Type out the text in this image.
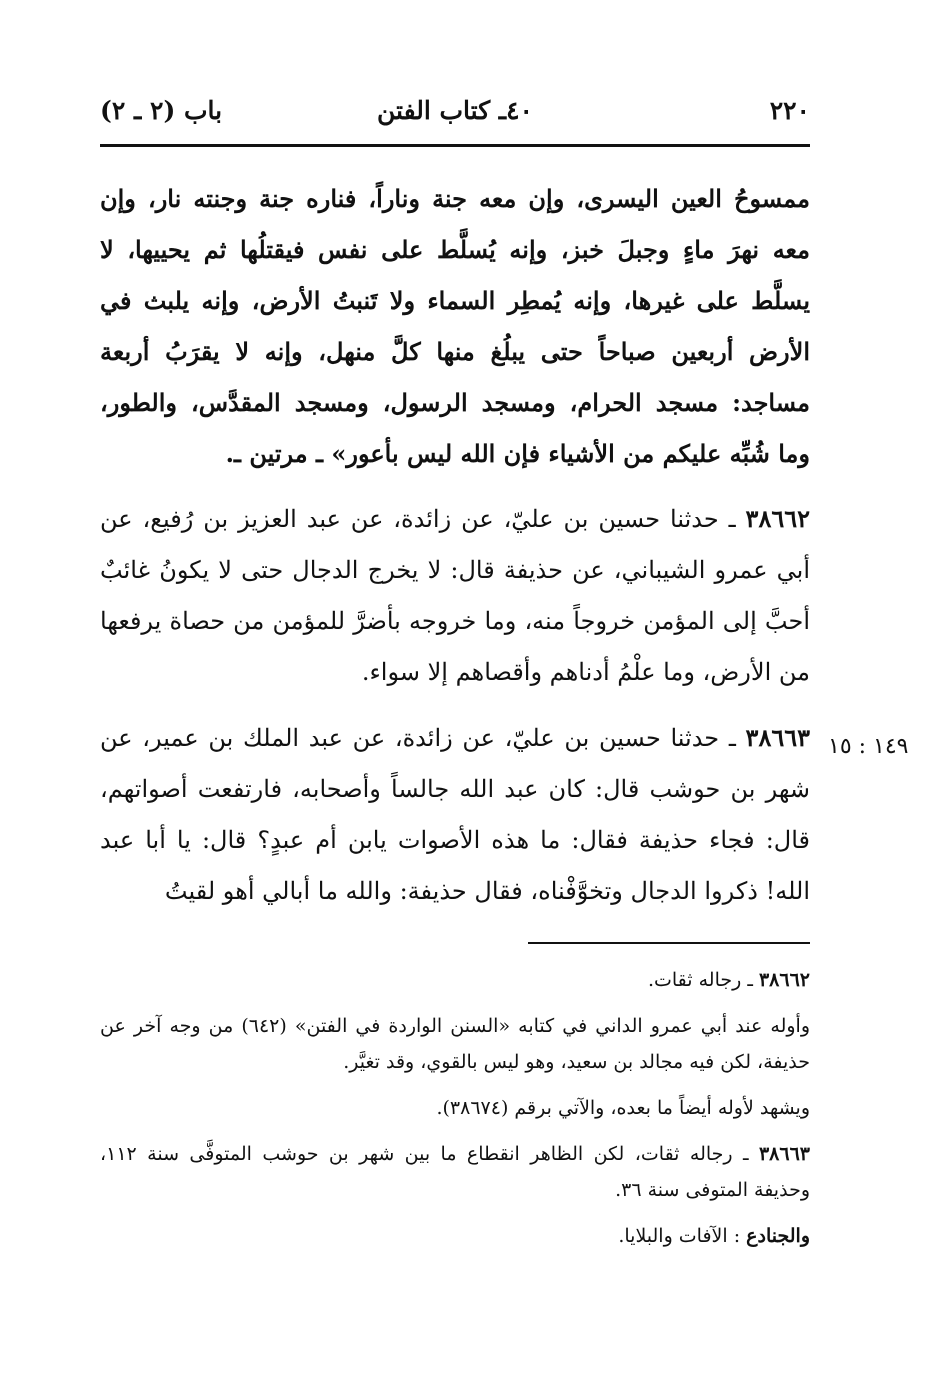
٢٢٠
٤٠ـ كتاب الفتن
باب (٢ ـ ٢)

ممسوحُ العين اليسرى، وإن معه جنة وناراً، فناره جنة وجنته نار، وإن معه نهرَ ماءٍ وجبلَ خبز، وإنه يُسلَّط على نفس فيقتلُها ثم يحييها، لا يسلَّط على غيرها، وإنه يُمطِر السماء ولا تَنبتُ الأرض، وإنه يلبث في الأرض أربعين صباحاً حتى يبلُغ منها كلَّ منهل، وإنه لا يقرَبُ أربعة مساجد: مسجد الحرام، ومسجد الرسول، ومسجد المقدَّس، والطور، وما شُبِّه عليكم من الأشياء فإن الله ليس بأعور» ـ مرتين ـ.

٣٨٦٦٢ ـ حدثنا حسين بن عليّ، عن زائدة، عن عبد العزيز بن رُفيع، عن أبي عمرو الشيباني، عن حذيفة قال: لا يخرج الدجال حتى لا يكونُ غائبٌ أحبَّ إلى المؤمن خروجاً منه، وما خروجه بأضرَّ للمؤمن من حصاة يرفعها من الأرض، وما علْمُ أدناهم وأقصاهم إلا سواء.

٣٨٦٦٣ ـ حدثنا حسين بن عليّ، عن زائدة، عن عبد الملك بن عمير، عن شهر بن حوشب قال: كان عبد الله جالساً وأصحابه، فارتفعت أصواتهم، قال: فجاء حذيفة فقال: ما هذه الأصوات يابن أم عبدٍ؟ قال: يا أبا عبد الله! ذكروا الدجال وتخوَّفْناه، فقال حذيفة: والله ما أبالي أهو لقيتُ

١٤٩ : ١٥

٣٨٦٦٢ ـ رجاله ثقات.

وأوله عند أبي عمرو الداني في كتابه «السنن الواردة في الفتن» (٦٤٢) من وجه آخر عن حذيفة، لكن فيه مجالد بن سعيد، وهو ليس بالقوي، وقد تغيَّر.

ويشهد لأوله أيضاً ما بعده، والآتي برقم (٣٨٦٧٤).

٣٨٦٦٣ ـ رجاله ثقات، لكن الظاهر انقطاع ما بين شهر بن حوشب المتوفَّى سنة ١١٢، وحذيفة المتوفى سنة ٣٦.

والجنادع : الآفات والبلايا.
